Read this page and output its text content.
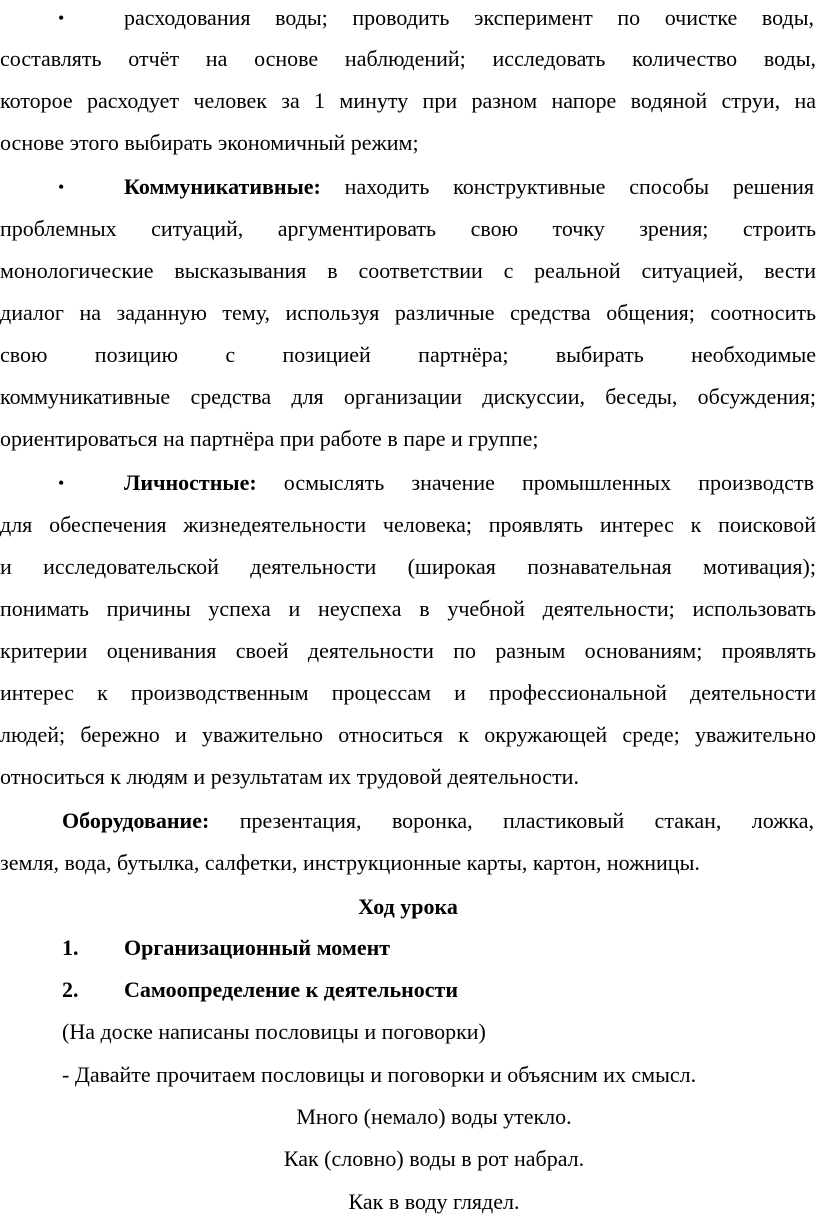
•	расходования воды; проводить эксперимент по очистке воды,
составлять отчёт на основе наблюдений; исследовать количество воды,
которое расходует человек за 1 минуту при разном напоре водяной струи, на
основе этого выбирать экономичный режим;
•	Коммуникативные: находить конструктивные способы решения
проблемных ситуаций, аргументировать свою точку зрения; строить
монологические высказывания в соответствии с реальной ситуацией, вести
диалог на заданную тему, используя различные средства общения; соотносить
свою позицию с позицией партнёра; выбирать необходимые
коммуникативные средства для организации дискуссии, беседы, обсуждения;
ориентироваться на партнёра при работе в паре и группе;
•	Личностные: осмыслять значение промышленных производств
для обеспечения жизнедеятельности человека; проявлять интерес к поисковой
и исследовательской деятельности (широкая познавательная мотивация);
понимать причины успеха и неуспеха в учебной деятельности; использовать
критерии оценивания своей деятельности по разным основаниям; проявлять
интерес к производственным процессам и профессиональной деятельности
людей; бережно и уважительно относиться к окружающей среде; уважительно
относиться к людям и результатам их трудовой деятельности.
Оборудование: презентация, воронка, пластиковый стакан, ложка,
земля, вода, бутылка, салфетки, инструкционные карты, картон, ножницы.
Ход урока
1. Организационный момент
2. Самоопределение к деятельности
(На доске написаны пословицы и поговорки)
- Давайте прочитаем пословицы и поговорки и объясним их смысл.
Много (немало) воды утекло.
Как (словно) воды в рот набрал.
Как в воду глядел.
